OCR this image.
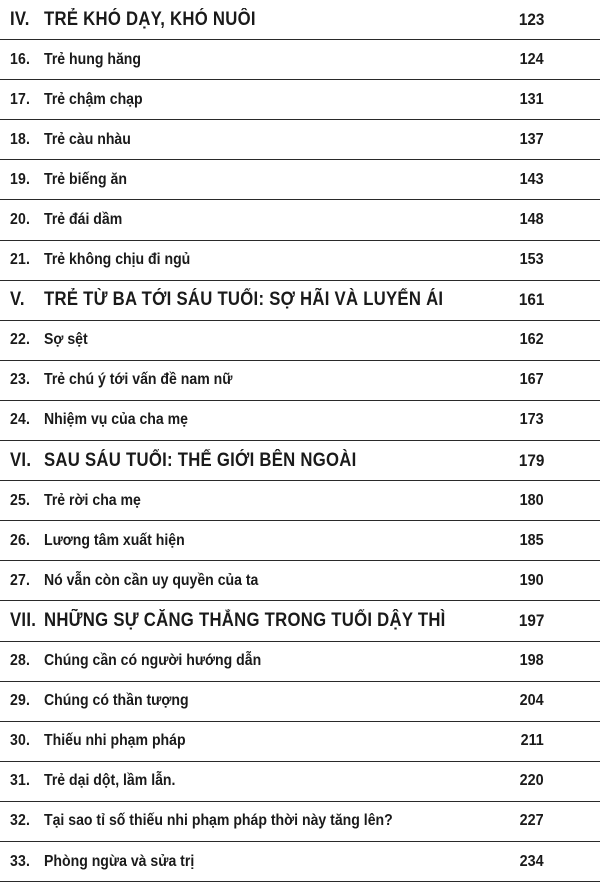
IV. TRẺ KHÓ DẠY, KHÓ NUÔI	123
16. Trẻ hung hăng	124
17. Trẻ chậm chạp	131
18. Trẻ càu nhàu	137
19. Trẻ biếng ăn	143
20. Trẻ đái dầm	148
21. Trẻ không chịu đi ngủ	153
V. TRẺ TỪ BA TỚI SÁU TUỔI: SỢ HÃI VÀ LUYẾN ÁI	161
22. Sợ sệt	162
23. Trẻ chú ý tới vấn đề nam nữ	167
24. Nhiệm vụ của cha mẹ	173
VI. SAU SÁU TUỔI: THẾ GIỚI BÊN NGOÀI	179
25. Trẻ rời cha mẹ	180
26. Lương tâm xuất hiện	185
27. Nó vẫn còn cần uy quyền của ta	190
VII. NHỮNG SỰ CĂNG THẲNG TRONG TUỔI DẬY THÌ	197
28. Chúng cần có người hướng dẫn	198
29. Chúng có thần tượng	204
30. Thiếu nhi phạm pháp	211
31. Trẻ dại dột, lầm lẫn.	220
32. Tại sao tỉ số thiếu nhi phạm pháp thời này tăng lên?	227
33. Phòng ngừa và sửa trị	234
